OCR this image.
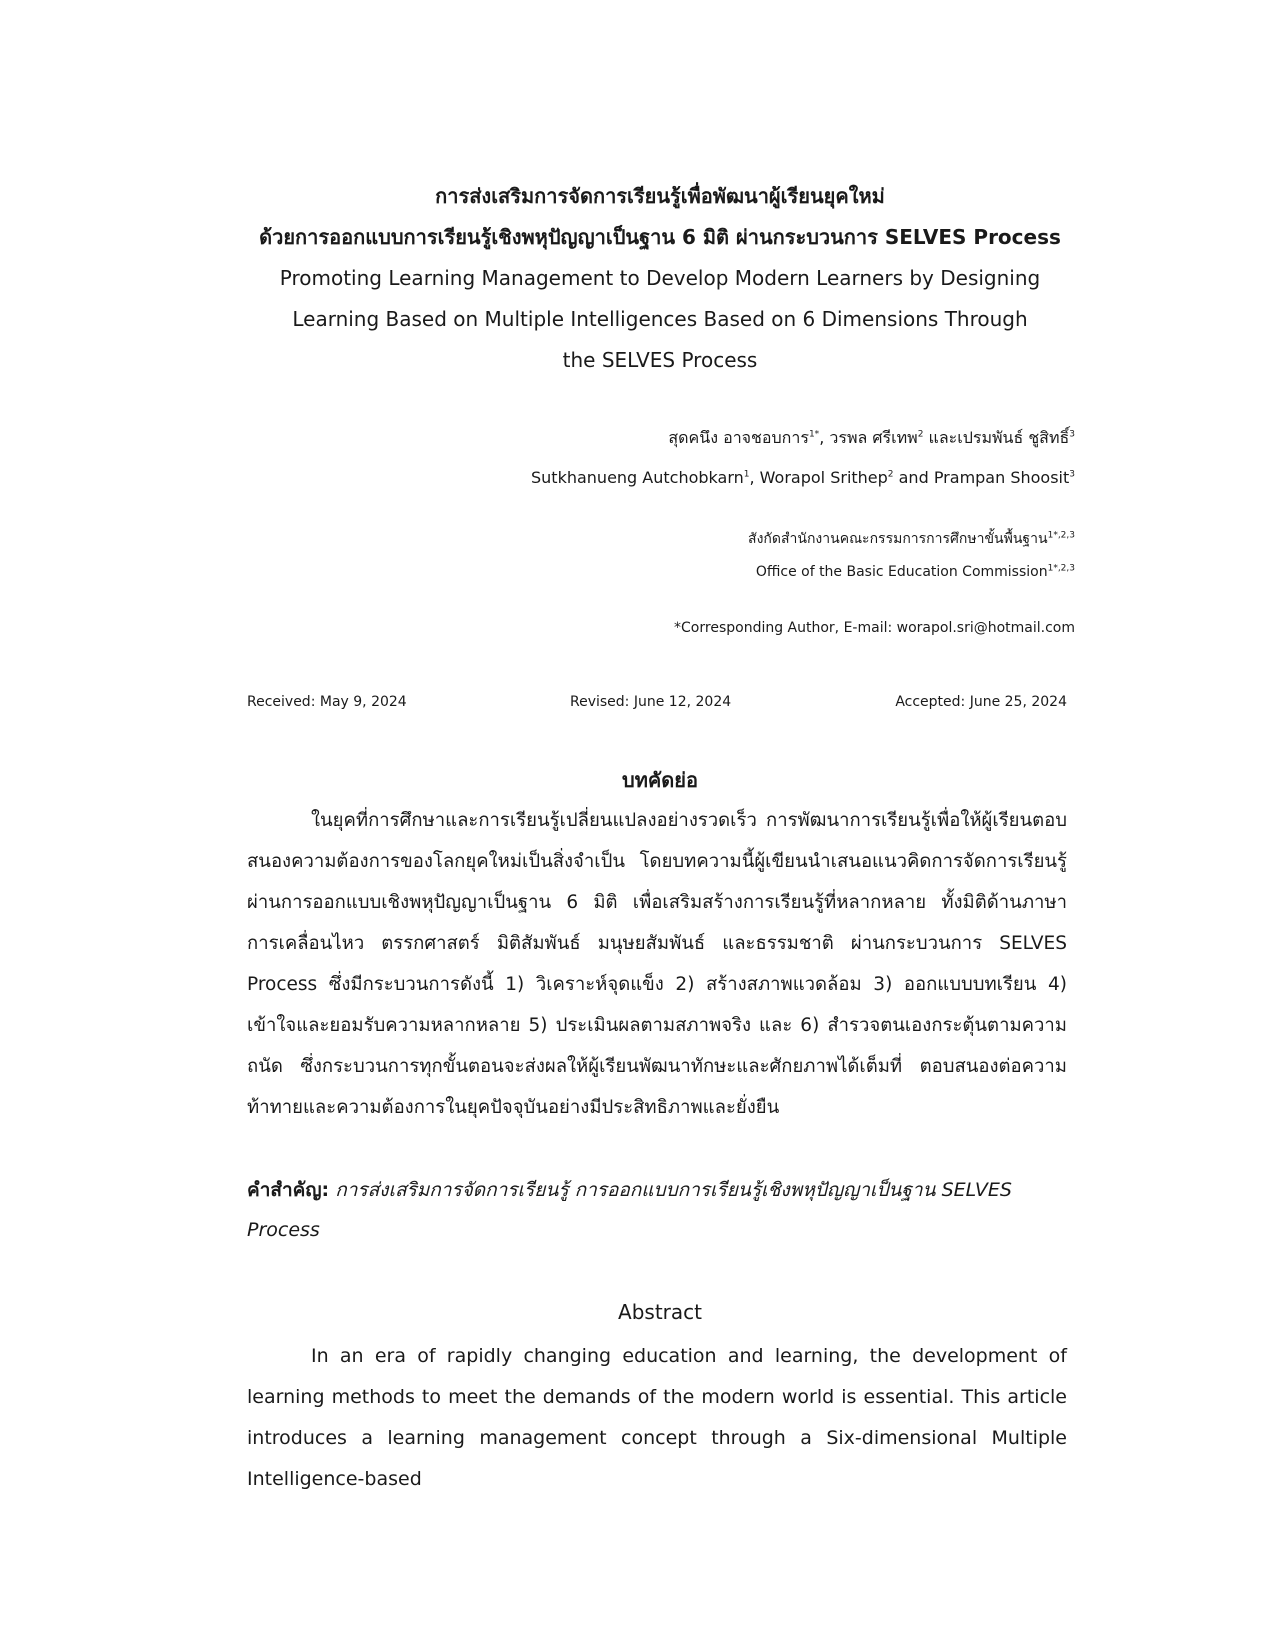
การส่งเสริมการจัดการเรียนรู้เพื่อพัฒนาผู้เรียนยุคใหม่
ด้วยการออกแบบการเรียนรู้เชิงพหุปัญญาเป็นฐาน 6 มิติ ผ่านกระบวนการ SELVES Process
Promoting Learning Management to Develop Modern Learners by Designing
Learning Based on Multiple Intelligences Based on 6 Dimensions Through
the SELVES Process
สุดคนึง อาจชอบการ$^{1*}$, วรพล ศรีเทพ$^2$ และเปรมพันธ์ ชูสิทธิ์$^3$
Sutkhanueng Autchobkarn$^1$, Worapol Srithep$^2$ and Prampan Shoosit$^3$
สังกัดสำนักงานคณะกรรมการการศึกษาขั้นพื้นฐาน$^{1*,2,3}$
Office of the Basic Education Commission$^{1*,2,3}$
*Corresponding Author, E-mail: worapol.sri@hotmail.com
Received: May 9, 2024	Revised: June 12, 2024	Accepted: June 25, 2024
บทคัดย่อ

ในยุคที่การศึกษาและการเรียนรู้เปลี่ยนแปลงอย่างรวดเร็ว การพัฒนาการเรียนรู้เพื่อให้ผู้เรียนตอบสนองความต้องการของโลกยุคใหม่เป็นสิ่งจำเป็น โดยบทความนี้ผู้เขียนนำเสนอแนวคิดการจัดการเรียนรู้ผ่านการออกแบบเชิงพหุปัญญาเป็นฐาน 6 มิติ เพื่อเสริมสร้างการเรียนรู้ที่หลากหลาย ทั้งมิติด้านภาษา การเคลื่อนไหว ตรรกศาสตร์ มิติสัมพันธ์ มนุษยสัมพันธ์ และธรรมชาติ ผ่านกระบวนการ SELVES Process ซึ่งมีกระบวนการดังนี้ 1) วิเคราะห์จุดแข็ง 2) สร้างสภาพแวดล้อม 3) ออกแบบบทเรียน 4) เข้าใจและยอมรับความหลากหลาย 5) ประเมินผลตามสภาพจริง และ 6) สำรวจตนเองกระตุ้นตามความถนัด ซึ่งกระบวนการทุกขั้นตอนจะส่งผลให้ผู้เรียนพัฒนาทักษะและศักยภาพได้เต็มที่ ตอบสนองต่อความท้าทายและความต้องการในยุคปัจจุบันอย่างมีประสิทธิภาพและยั่งยืน

คำสำคัญ: การส่งเสริมการจัดการเรียนรู้ การออกแบบการเรียนรู้เชิงพหุปัญญาเป็นฐาน SELVES Process
Abstract

In an era of rapidly changing education and learning, the development of learning methods to meet the demands of the modern world is essential. This article introduces a learning management concept through a Six-dimensional Multiple Intelligence-based
